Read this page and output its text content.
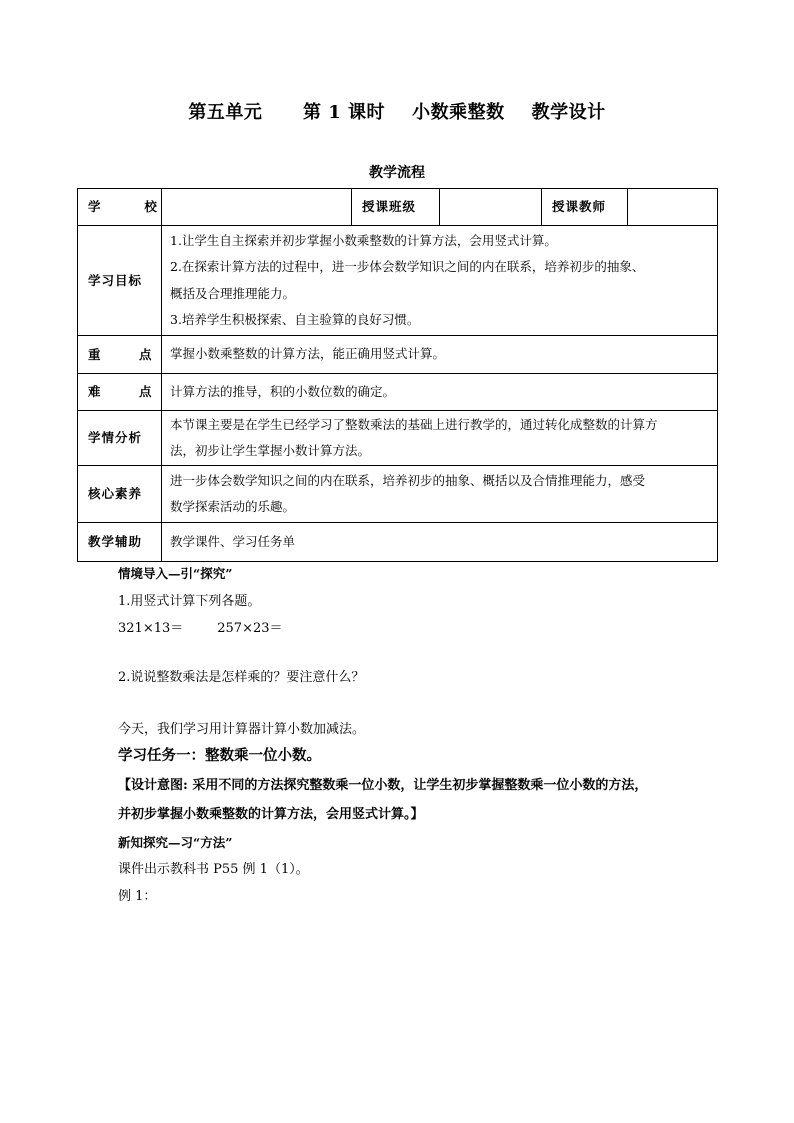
第五单元      第 1 课时    小数乘整数    教学设计
教学流程
学        校		授课班级		授课教师	
学习目标	1.让学生自主探索并初步掌握小数乘整数的计算方法，会用竖式计算。
2.在探索计算方法的过程中，进一步体会数学知识之间的内在联系，培养初步的抽象、
概括及合理推理能力。
3.培养学生积极探索、自主验算的良好习惯。				

重       点	掌握小数乘整数的计算方法，能正确用竖式计算。				
难       点	计算方法的推导，积的小数位数的确定。				
学情分析	本节课主要是在学生已经学习了整数乘法的基础上进行教学的，通过转化成整数的计算方
法，初步让学生掌握小数计算方法。				

核心素养	进一步体会数学知识之间的内在联系，培养初步的抽象、概括以及合情推理能力，感受
数学探索活动的乐趣。				

教学辅助	教学课件、学习任务单				
情境导入—引“探究”
1.用竖式计算下列各题。
321×13＝	257×23＝
2.说说整数乘法是怎样乘的？要注意什么？
今天，我们学习用计算器计算小数加减法。
学习任务一：整数乘一位小数。
【设计意图: 采用不同的方法探究整数乘一位小数，让学生初步掌握整数乘一位小数的方法，
并初步掌握小数乘整数的计算方法，会用竖式计算。】
新知探究—习“方法”
课件出示教科书 P55 例 1（1）。
例 1：
